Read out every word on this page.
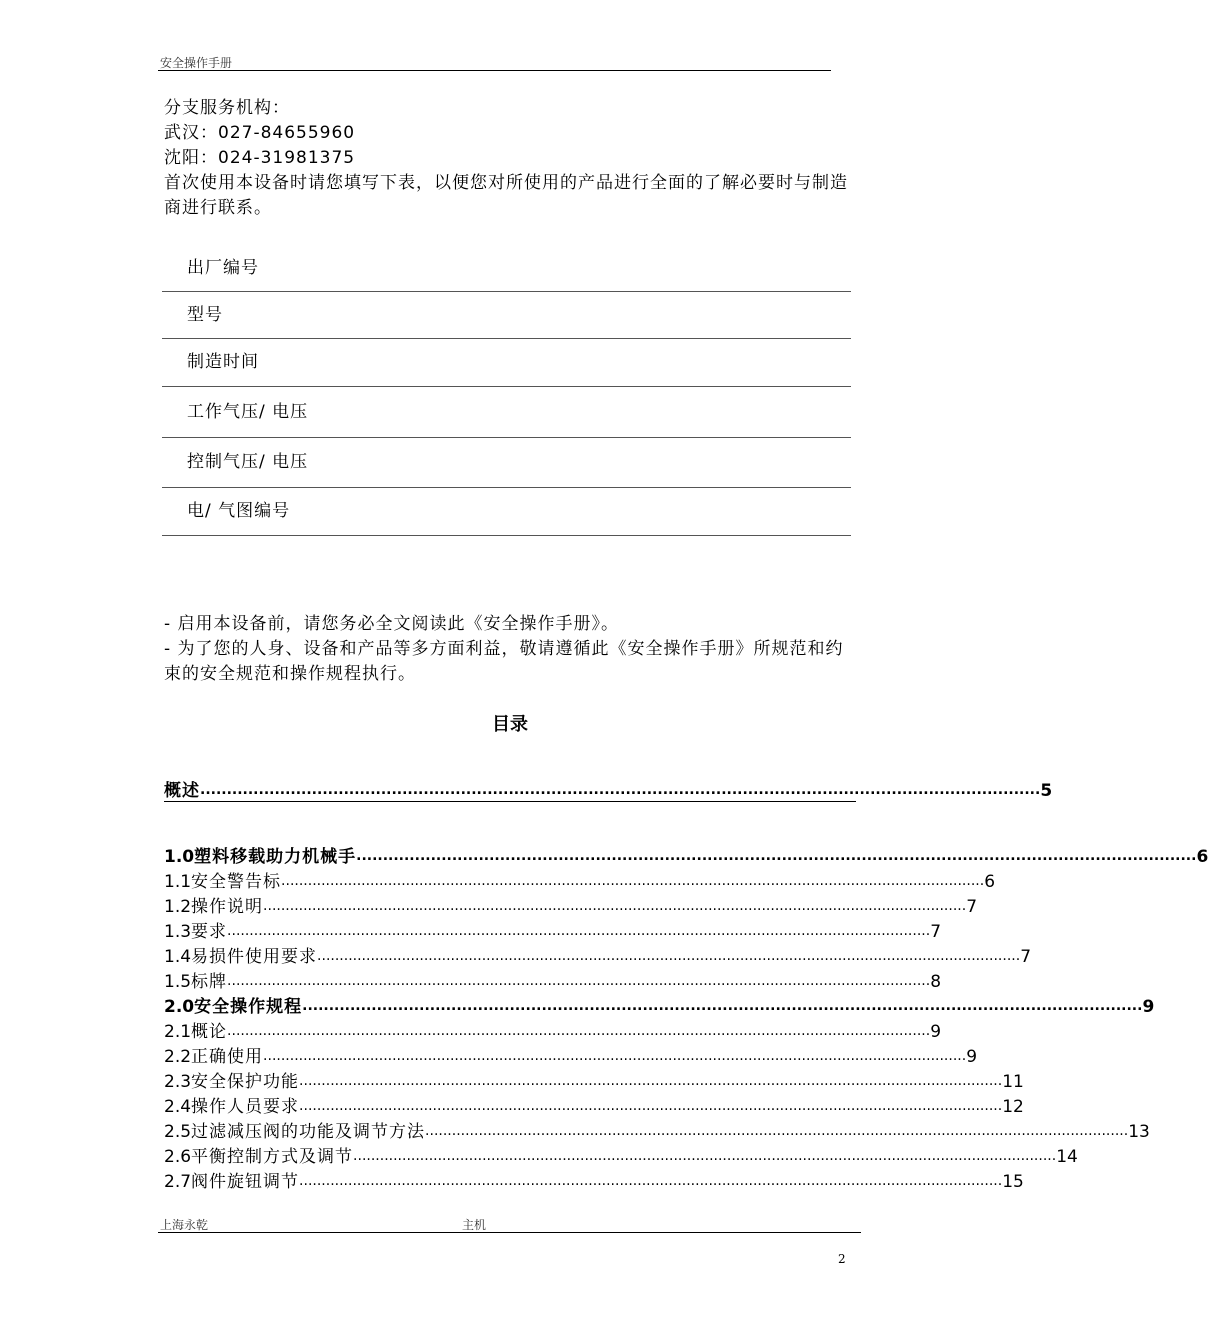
安全操作手册
分支服务机构：
武汉：027-84655960
沈阳：024-31981375
首次使用本设备时请您填写下表，以便您对所使用的产品进行全面的了解必要时与制造商进行联系。
出厂编号
型号
制造时间
工作气压/ 电压
控制气压/ 电压
电/ 气图编号
- 启用本设备前，请您务必全文阅读此《安全操作手册》。
- 为了您的人身、设备和产品等多方面利益，敬请遵循此《安全操作手册》所规范和约束的安全规范和操作规程执行。
目录
概述 .............................................................................................................................................................. 5
1.0 塑料移载助力机械手 .............................................................................................................................................................. 6
1.1 安全警告标 .............................................................................................................................................................. 6
1.2 操作说明 .............................................................................................................................................................. 7
1.3 要求 .............................................................................................................................................................. 7
1.4 易损件使用要求 .............................................................................................................................................................. 7
1.5 标牌 .............................................................................................................................................................. 8
2.0 安全操作规程 .............................................................................................................................................................. 9
2.1 概论 .............................................................................................................................................................. 9
2.2 正确使用 .............................................................................................................................................................. 9
2.3 安全保护功能 .............................................................................................................................................................. 11
2.4 操作人员要求 .............................................................................................................................................................. 12
2.5 过滤减压阀的功能及调节方法 .............................................................................................................................................................. 13
2.6 平衡控制方式及调节 .............................................................................................................................................................. 14
2.7 阀件旋钮调节 .............................................................................................................................................................. 15
上海永乾	主机
2
